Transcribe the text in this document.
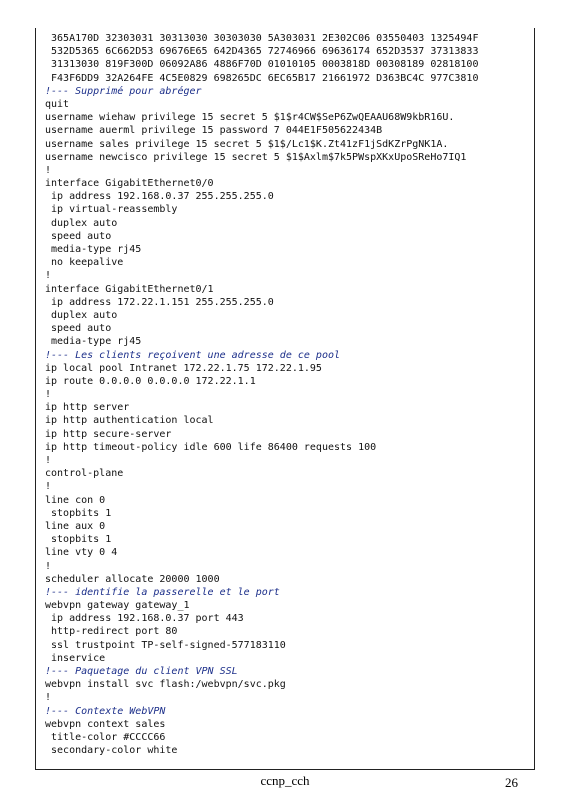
365A170D 32303031 30313030 30303030 5A303031 2E302C06 03550403 1325494F
532D5365 6C662D53 69676E65 642D4365 72746966 69636174 652D3537 37313833
31313030 819F300D 06092A86 4886F70D 01010105 0003818D 00308189 02818100
F43F6DD9 32A264FE 4C5E0829 698265DC 6EC65B17 21661972 D363BC4C 977C3810
!--- Supprimé pour abréger
quit
username wiehaw privilege 15 secret 5 $1$r4CW$SeP6ZwQEAAU68W9kbR16U.
username auerml privilege 15 password 7 044E1F505622434B
username sales privilege 15 secret 5 $1$/Lc1$K.Zt41zF1jSdKZrPgNK1A.
username newcisco privilege 15 secret 5 $1$Axlm$7k5PWspXKxUpoSReHo7IQ1
!
interface GigabitEthernet0/0
ip address 192.168.0.37 255.255.255.0
ip virtual-reassembly
duplex auto
speed auto
media-type rj45
no keepalive
!
interface GigabitEthernet0/1
ip address 172.22.1.151 255.255.255.0
duplex auto
speed auto
media-type rj45
!--- Les clients reçoivent une adresse de ce pool
ip local pool Intranet 172.22.1.75 172.22.1.95
ip route 0.0.0.0 0.0.0.0 172.22.1.1
!
ip http server
ip http authentication local
ip http secure-server
ip http timeout-policy idle 600 life 86400 requests 100
!
control-plane
!
line con 0
stopbits 1
line aux 0
stopbits 1
line vty 0 4
!
scheduler allocate 20000 1000
!--- identifie la passerelle et le port
webvpn gateway gateway_1
ip address 192.168.0.37 port 443
http-redirect port 80
ssl trustpoint TP-self-signed-577183110
inservice
!--- Paquetage du client VPN SSL
webvpn install svc flash:/webvpn/svc.pkg
!
!--- Contexte WebVPN
webvpn context sales
title-color #CCCC66
secondary-color white
ccnp_cch	26
